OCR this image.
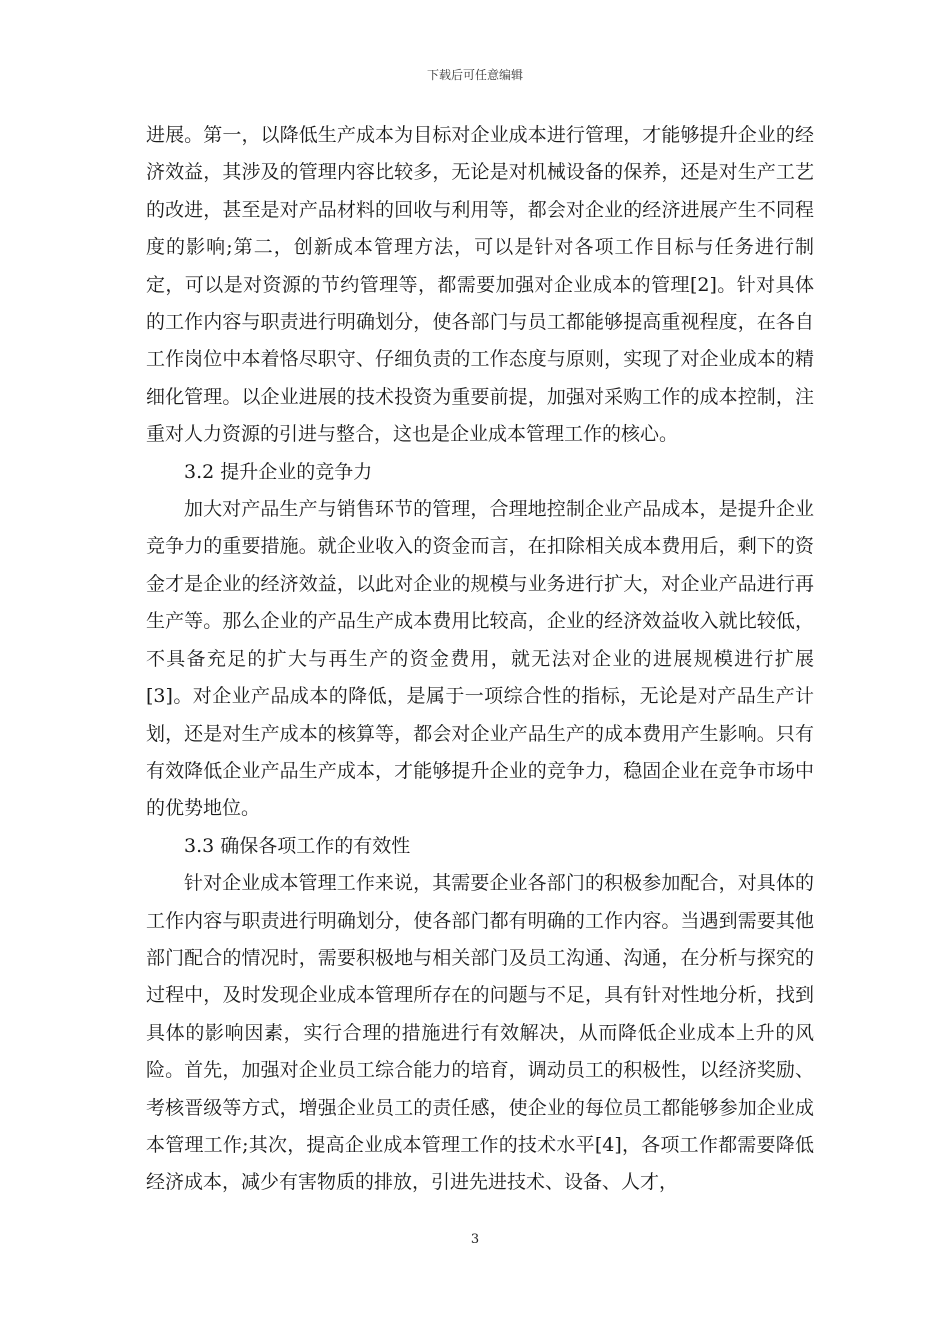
下载后可任意编辑

进展。第一，以降低生产成本为目标对企业成本进行管理，才能够提升企业的经济效益，其涉及的管理内容比较多，无论是对机械设备的保养，还是对生产工艺的改进，甚至是对产品材料的回收与利用等，都会对企业的经济进展产生不同程度的影响;第二，创新成本管理方法，可以是针对各项工作目标与任务进行制定，可以是对资源的节约管理等，都需要加强对企业成本的管理[2]。针对具体的工作内容与职责进行明确划分，使各部门与员工都能够提高重视程度，在各自工作岗位中本着恪尽职守、仔细负责的工作态度与原则，实现了对企业成本的精细化管理。以企业进展的技术投资为重要前提，加强对采购工作的成本控制，注重对人力资源的引进与整合，这也是企业成本管理工作的核心。

3.2 提升企业的竞争力

加大对产品生产与销售环节的管理，合理地控制企业产品成本，是提升企业竞争力的重要措施。就企业收入的资金而言，在扣除相关成本费用后，剩下的资金才是企业的经济效益，以此对企业的规模与业务进行扩大，对企业产品进行再生产等。那么企业的产品生产成本费用比较高，企业的经济效益收入就比较低，不具备充足的扩大与再生产的资金费用，就无法对企业的进展规模进行扩展[3]。对企业产品成本的降低，是属于一项综合性的指标，无论是对产品生产计划，还是对生产成本的核算等，都会对企业产品生产的成本费用产生影响。只有有效降低企业产品生产成本，才能够提升企业的竞争力，稳固企业在竞争市场中的优势地位。

3.3 确保各项工作的有效性

针对企业成本管理工作来说，其需要企业各部门的积极参加配合，对具体的工作内容与职责进行明确划分，使各部门都有明确的工作内容。当遇到需要其他部门配合的情况时，需要积极地与相关部门及员工沟通、沟通，在分析与探究的过程中，及时发现企业成本管理所存在的问题与不足，具有针对性地分析，找到具体的影响因素，实行合理的措施进行有效解决，从而降低企业成本上升的风险。首先，加强对企业员工综合能力的培育，调动员工的积极性，以经济奖励、考核晋级等方式，增强企业员工的责任感，使企业的每位员工都能够参加企业成本管理工作;其次，提高企业成本管理工作的技术水平[4]，各项工作都需要降低经济成本，减少有害物质的排放，引进先进技术、设备、人才，

3
